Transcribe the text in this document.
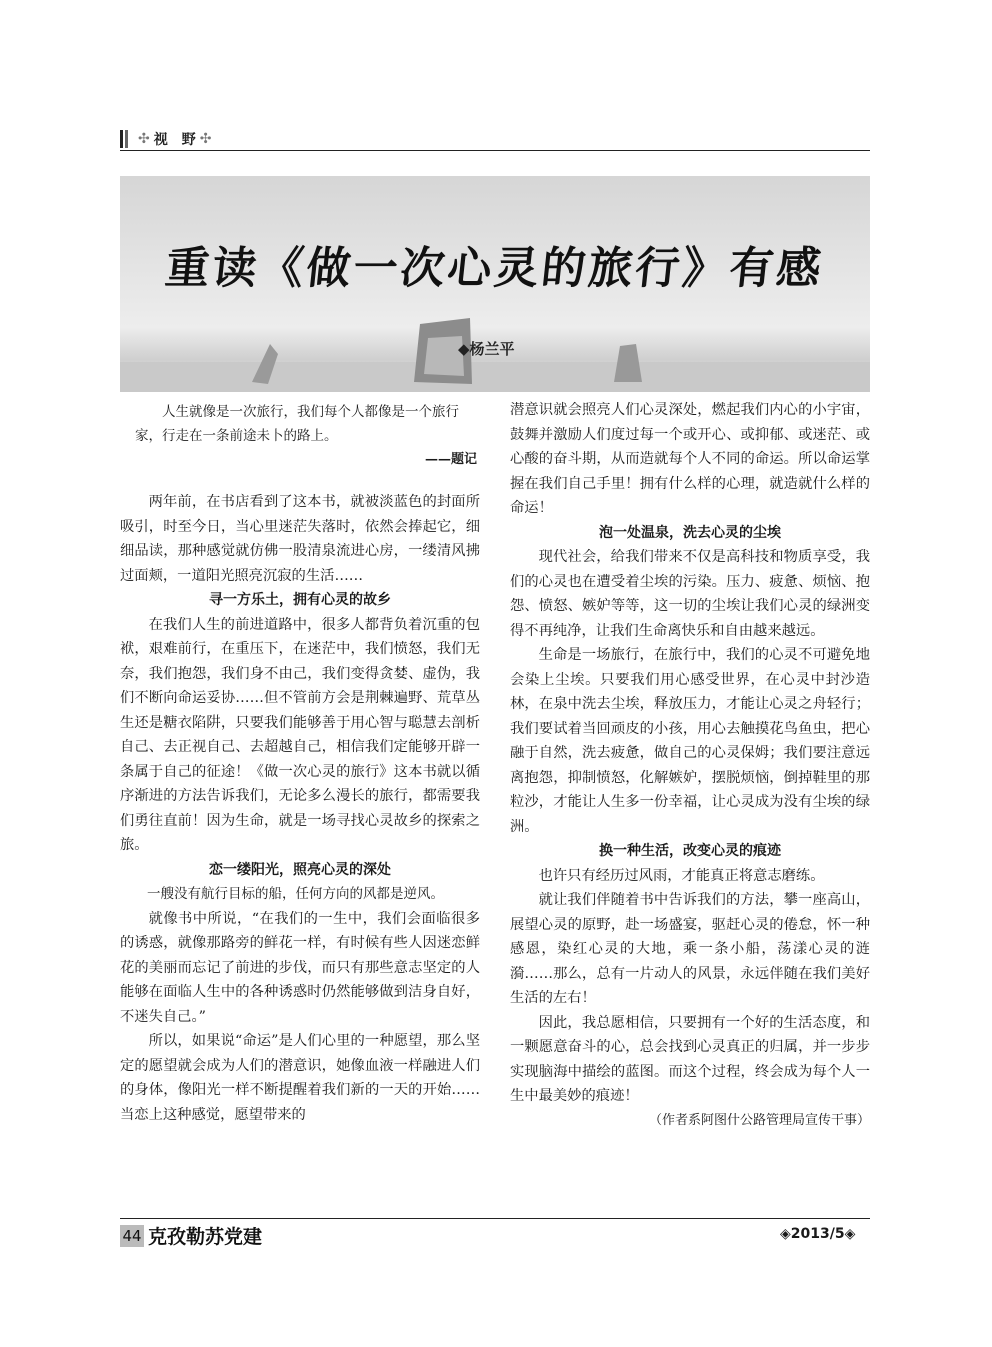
✣ 视　野 ✣
重读《做一次心灵的旅行》有感
◆杨兰平

人生就像是一次旅行，我们每个人都像是一个旅行家，行走在一条前途未卜的路上。

——题记

两年前，在书店看到了这本书，就被淡蓝色的封面所吸引，时至今日，当心里迷茫失落时，依然会捧起它，细细品读，那种感觉就仿佛一股清泉流进心房，一缕清风拂过面颊，一道阳光照亮沉寂的生活……

寻一方乐土，拥有心灵的故乡

在我们人生的前进道路中，很多人都背负着沉重的包袱，艰难前行，在重压下，在迷茫中，我们愤怒，我们无奈，我们抱怨，我们身不由己，我们变得贪婪、虚伪，我们不断向命运妥协……但不管前方会是荆棘遍野、荒草丛生还是糖衣陷阱，只要我们能够善于用心智与聪慧去剖析自己、去正视自己、去超越自己，相信我们定能够开辟一条属于自己的征途！《做一次心灵的旅行》这本书就以循序渐进的方法告诉我们，无论多么漫长的旅行，都需要我们勇往直前！因为生命，就是一场寻找心灵故乡的探索之旅。

恋一缕阳光，照亮心灵的深处

一艘没有航行目标的船，任何方向的风都是逆风。

就像书中所说，“在我们的一生中，我们会面临很多的诱惑，就像那路旁的鲜花一样，有时候有些人因迷恋鲜花的美丽而忘记了前进的步伐，而只有那些意志坚定的人能够在面临人生中的各种诱惑时仍然能够做到洁身自好，不迷失自己。”

所以，如果说“命运”是人们心里的一种愿望，那么坚定的愿望就会成为人们的潜意识，她像血液一样融进人们的身体，像阳光一样不断提醒着我们新的一天的开始……当恋上这种感觉，愿望带来的

潜意识就会照亮人们心灵深处，燃起我们内心的小宇宙，鼓舞并激励人们度过每一个或开心、或抑郁、或迷茫、或心酸的奋斗期，从而造就每个人不同的命运。所以命运掌握在我们自己手里！拥有什么样的心理，就造就什么样的命运！

泡一处温泉，洗去心灵的尘埃

现代社会，给我们带来不仅是高科技和物质享受，我们的心灵也在遭受着尘埃的污染。压力、疲惫、烦恼、抱怨、愤怒、嫉妒等等，这一切的尘埃让我们心灵的绿洲变得不再纯净，让我们生命离快乐和自由越来越远。

生命是一场旅行，在旅行中，我们的心灵不可避免地会染上尘埃。只要我们用心感受世界，在心灵中封沙造林，在泉中洗去尘埃，释放压力，才能让心灵之舟轻行；我们要试着当回顽皮的小孩，用心去触摸花鸟鱼虫，把心融于自然，洗去疲惫，做自己的心灵保姆；我们要注意远离抱怨，抑制愤怒，化解嫉妒，摆脱烦恼，倒掉鞋里的那粒沙，才能让人生多一份幸福，让心灵成为没有尘埃的绿洲。

换一种生活，改变心灵的痕迹

也许只有经历过风雨，才能真正将意志磨练。

就让我们伴随着书中告诉我们的方法，攀一座高山，展望心灵的原野，赴一场盛宴，驱赶心灵的倦怠，怀一种感恩，染红心灵的大地，乘一条小船，荡漾心灵的涟漪……那么，总有一片动人的风景，永远伴随在我们美好生活的左右！

因此，我总愿相信，只要拥有一个好的生活态度，和一颗愿意奋斗的心，总会找到心灵真正的归属，并一步步实现脑海中描绘的蓝图。而这个过程，终会成为每个人一生中最美妙的痕迹！

（作者系阿图什公路管理局宣传干事）
44 克孜勒苏党建	◈2013/5◈
